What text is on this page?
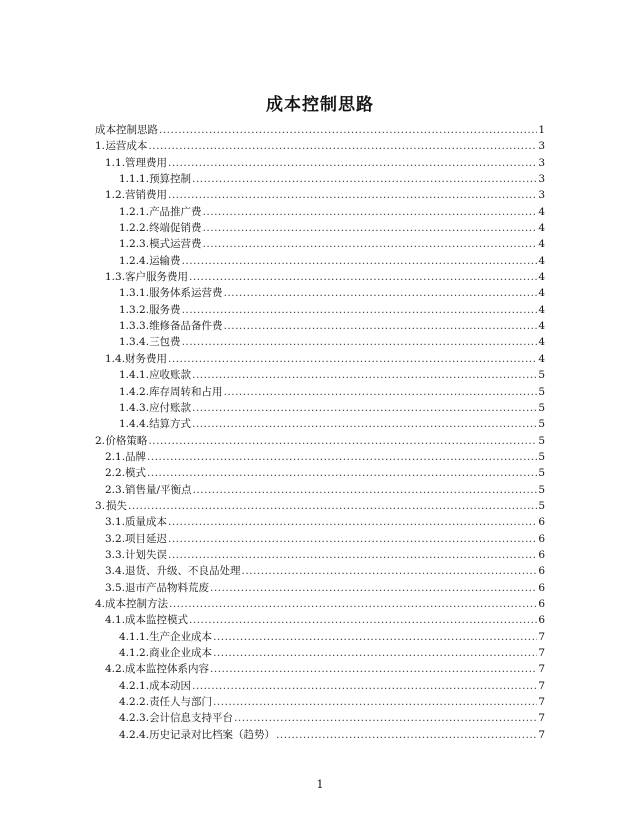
成本控制思路
成本控制思路 .....	1
1. 运营成本 .....	3
1.1. 管理费用 .....	3
1.1.1. 预算控制 .....	3
1.2. 营销费用 .....	3
1.2.1. 产品推广费 .....	4
1.2.2. 终端促销费 .....	4
1.2.3. 模式运营费 .....	4
1.2.4. 运输费 .....	4
1.3. 客户服务费用 .....	4
1.3.1. 服务体系运营费 .....	4
1.3.2. 服务费 .....	4
1.3.3. 维修备品备件费 .....	4
1.3.4. 三包费 .....	4
1.4. 财务费用 .....	4
1.4.1. 应收账款 .....	5
1.4.2. 库存周转和占用 .....	5
1.4.3. 应付账款 .....	5
1.4.4. 结算方式 .....	5
2. 价格策略 .....	5
2.1. 品牌 .....	5
2.2. 模式 .....	5
2.3. 销售量/平衡点 .....	5
3. 损失 .....	5
3.1. 质量成本 .....	6
3.2. 项目延迟 .....	6
3.3. 计划失误 .....	6
3.4. 退货、升级、不良品处理 .....	6
3.5. 退市产品物料荒废 .....	6
4. 成本控制方法 .....	6
4.1. 成本监控模式 .....	6
4.1.1. 生产企业成本 .....	7
4.1.2. 商业企业成本 .....	7
4.2. 成本监控体系内容 .....	7
4.2.1. 成本动因 .....	7
4.2.2. 责任人与部门 .....	7
4.2.3. 会计信息支持平台 .....	7
4.2.4. 历史记录对比档案（趋势） .....	7
1
